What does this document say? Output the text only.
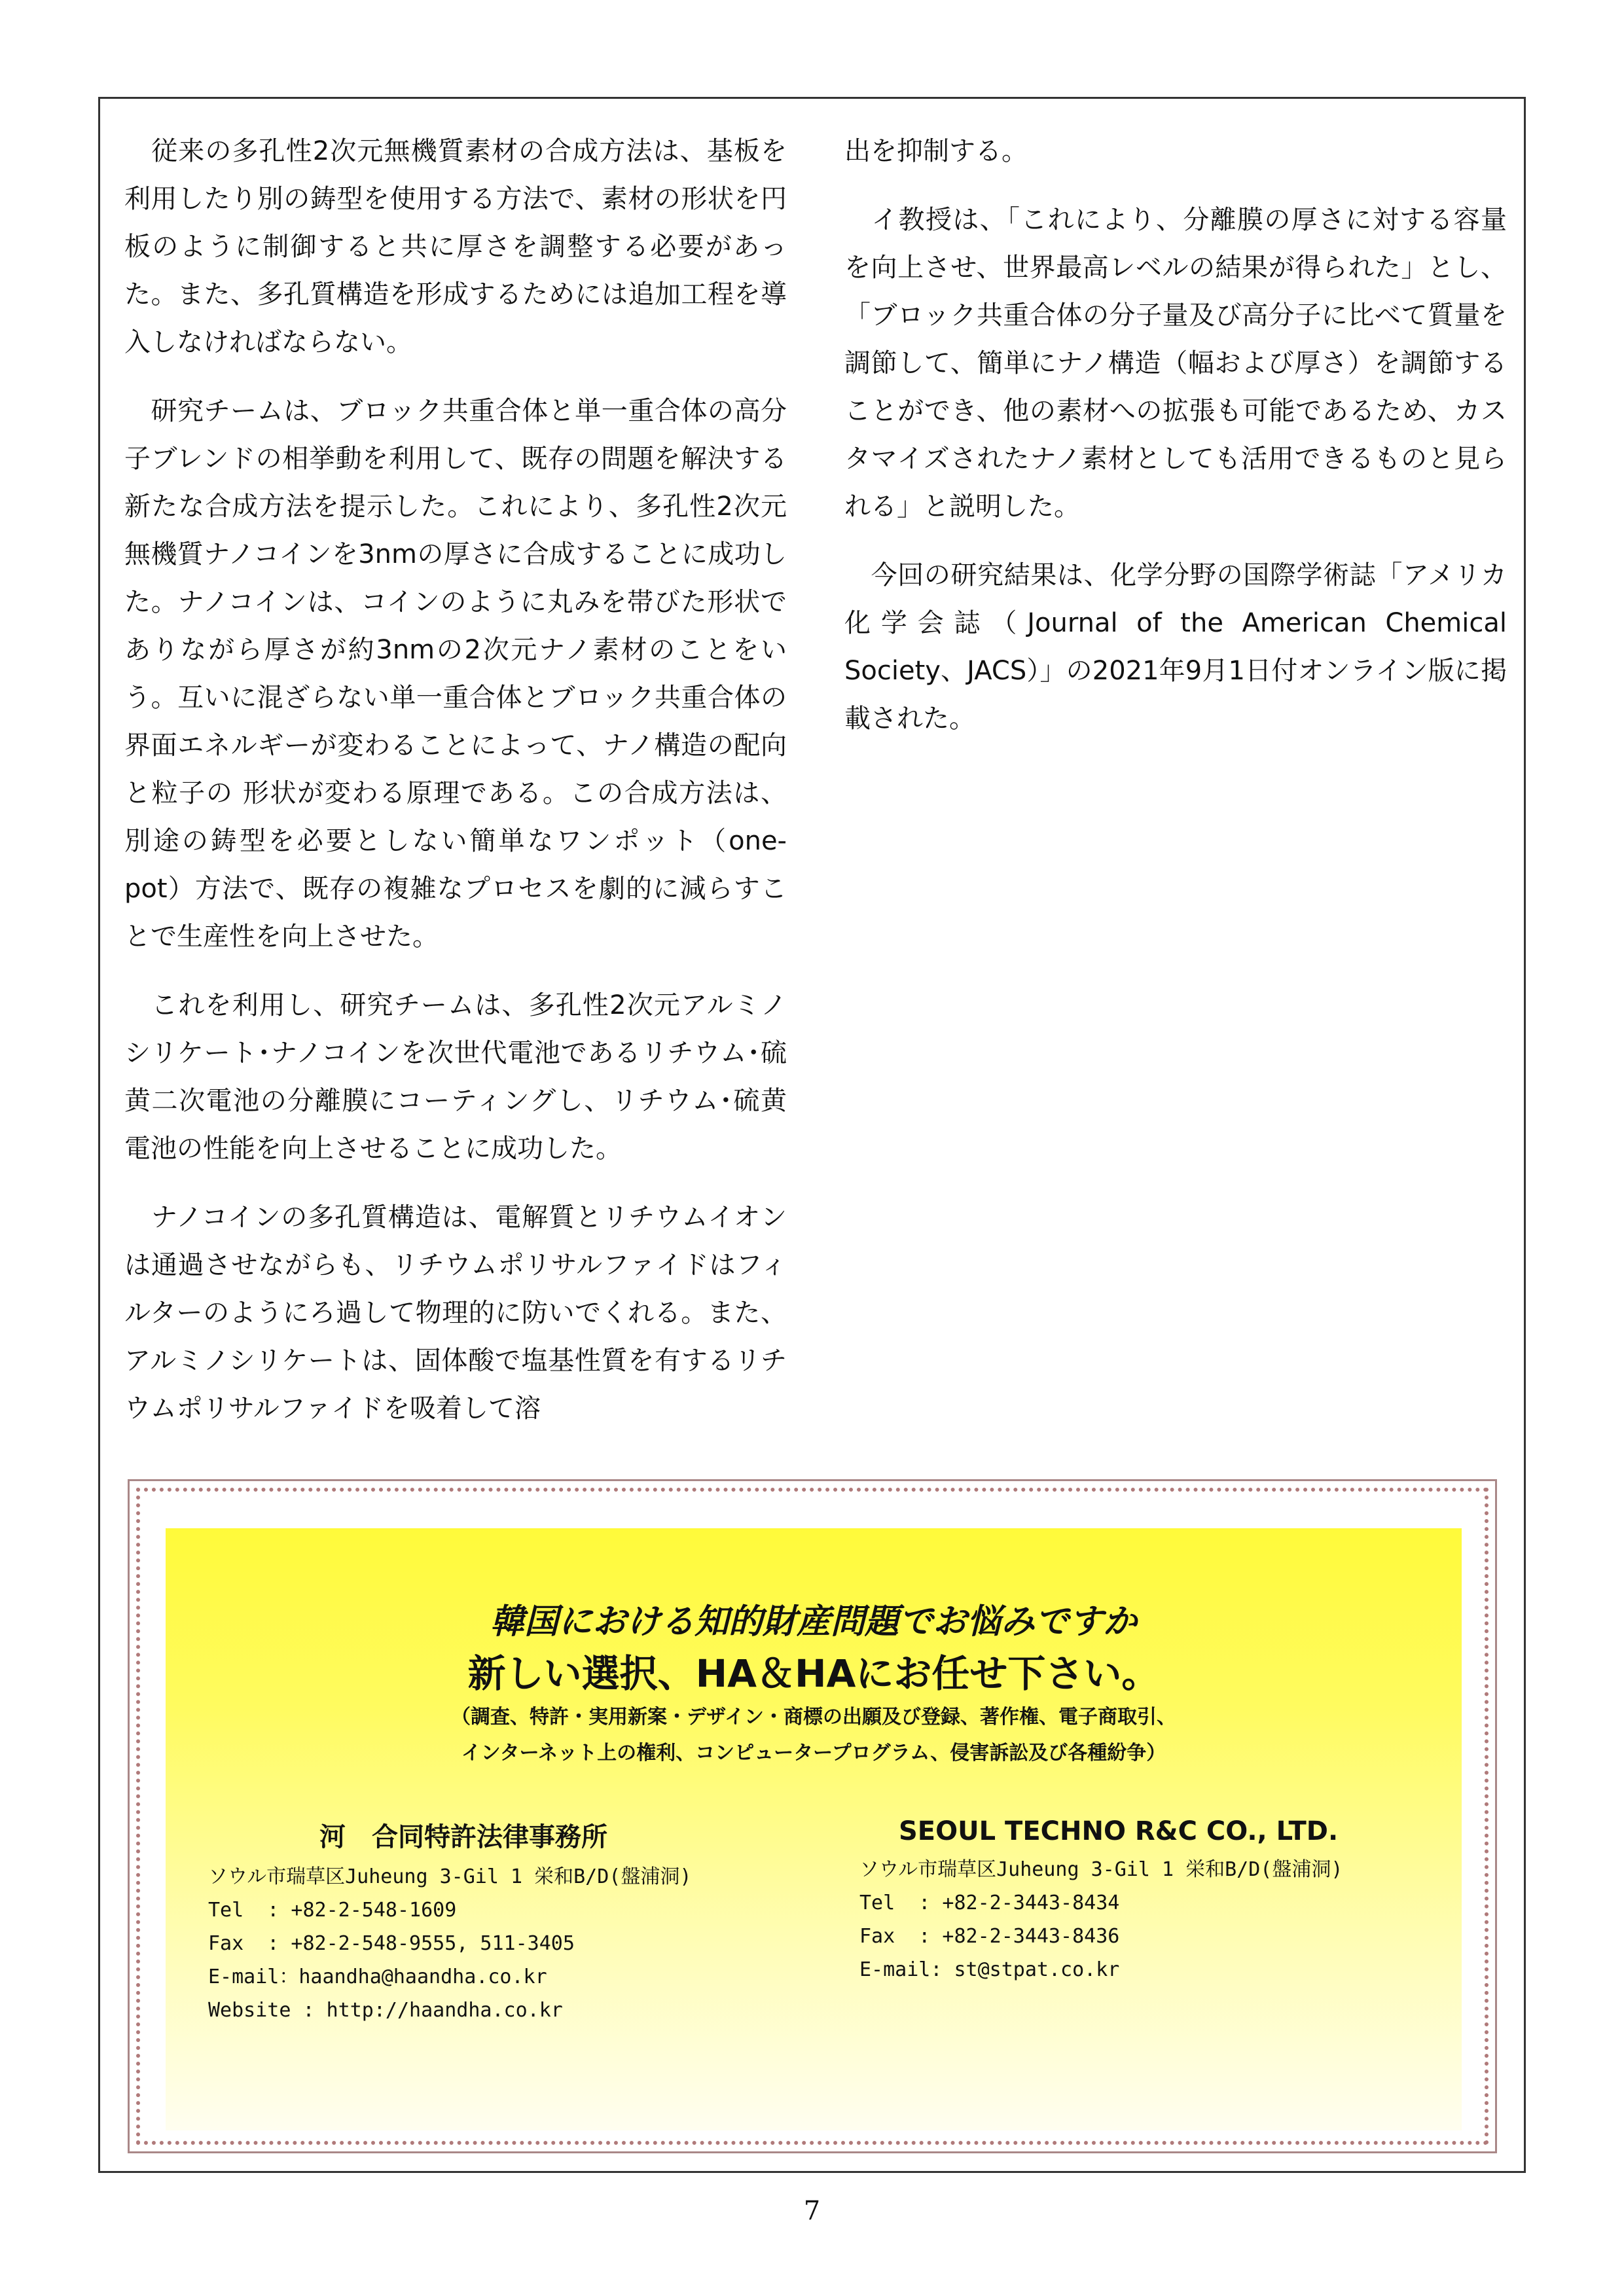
　従来の多孔性2次元無機質素材の合成方法は、基板を利用したり別の鋳型を使用する方法で、素材の形状を円板のように制御すると共に厚さを調整する必要があった。また、多孔質構造を形成するためには追加工程を導入しなければならない。

　研究チームは、ブロック共重合体と単一重合体の高分子ブレンドの相挙動を利用して、既存の問題を解決する新たな合成方法を提示した。これにより、多孔性2次元無機質ナノコインを3nmの厚さに合成することに成功した。ナノコインは、コインのように丸みを帯びた形状でありながら厚さが約3nmの2次元ナノ素材のことをいう。互いに混ざらない単一重合体とブロック共重合体の界面エネルギーが変わることによって、ナノ構造の配向と粒子の 形状が変わる原理である。この合成方法は、別途の鋳型を必要としない簡単なワンポット（one-pot）方法で、既存の複雑なプロセスを劇的に減らすことで生産性を向上させた。

　これを利用し、研究チームは、多孔性2次元アルミノシリケート･ナノコインを次世代電池であるリチウム･硫黄二次電池の分離膜にコーティングし、リチウム･硫黄電池の性能を向上させることに成功した。

　ナノコインの多孔質構造は、電解質とリチウムイオンは通過させながらも、リチウムポリサルファイドはフィルターのようにろ過して物理的に防いでくれる。また、アルミノシリケートは、固体酸で塩基性質を有するリチウムポリサルファイドを吸着して溶

出を抑制する。

　イ教授は、「これにより、分離膜の厚さに対する容量を向上させ、世界最高レベルの結果が得られた」とし、「ブロック共重合体の分子量及び高分子に比べて質量を調節して、簡単にナノ構造（幅および厚さ）を調節することができ、他の素材への拡張も可能であるため、カスタマイズされたナノ素材としても活用できるものと見られる」と説明した。

　今回の研究結果は、化学分野の国際学術誌「アメリカ化学会誌（Journal of the American Chemical Society、JACS）」の2021年9月1日付オンライン版に掲載された。

韓国における知的財産問題でお悩みですか
新しい選択、HA＆HAにお任せ下さい。
（調査、特許・実用新案・デザイン・商標の出願及び登録、著作権、電子商取引、
インターネット上の権利、コンピュータープログラム、侵害訴訟及び各種紛争）
河　合同特許法律事務所
ソウル市瑞草区Juheung 3-Gil 1 栄和B/D(盤浦洞)
Tel  : +82-2-548-1609
Fax  : +82-2-548-9555, 511-3405
E-mail：haandha@haandha.co.kr
Website : http://haandha.co.kr
SEOUL TECHNO R&C CO., LTD.
ソウル市瑞草区Juheung 3-Gil 1 栄和B/D(盤浦洞)
Tel  : +82-2-3443-8434
Fax  : +82-2-3443-8436
E-mail: st@stpat.co.kr
7
